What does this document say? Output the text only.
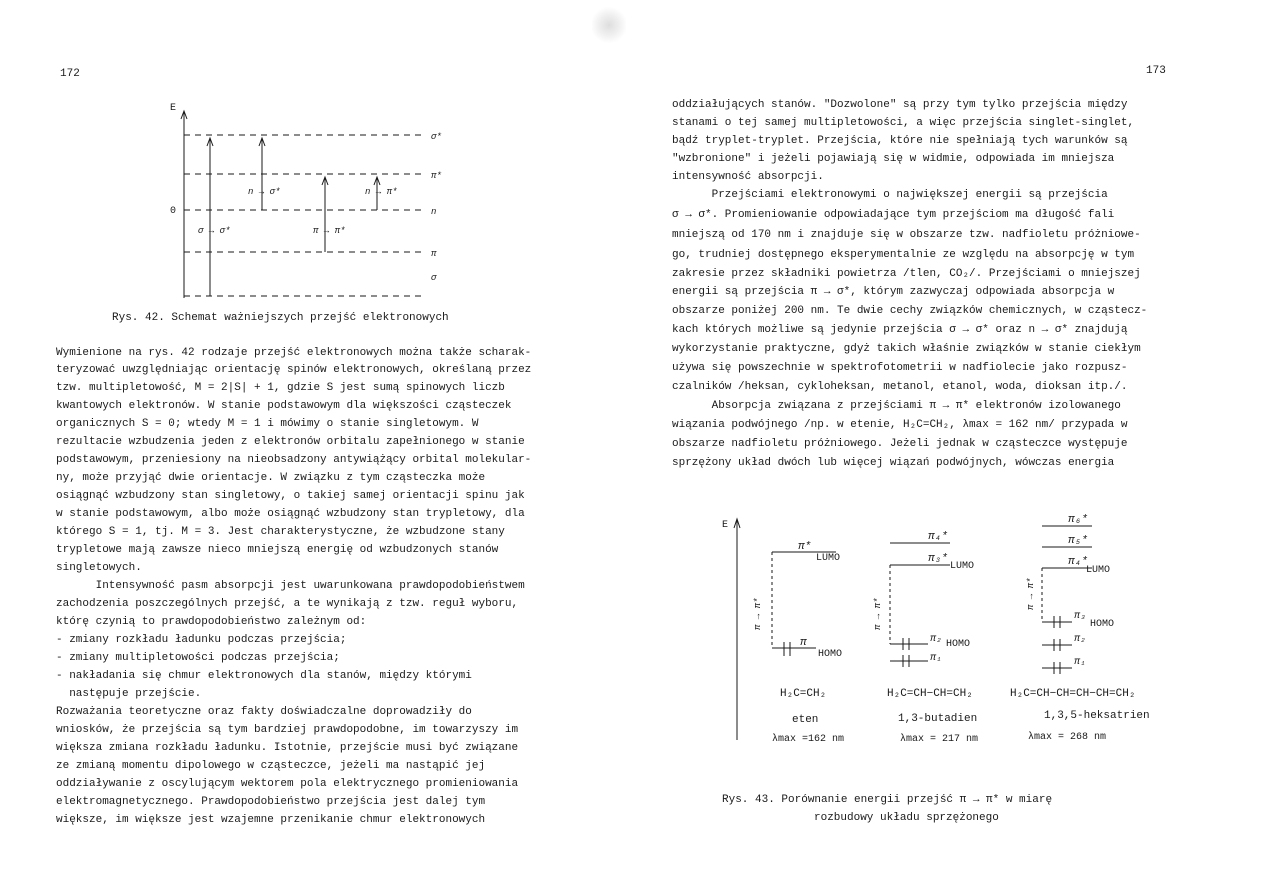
172
E
0
σ*
π*
n
π
σ
n → σ*	n → π*
σ → σ*	π → π*
Rys. 42. Schemat ważniejszych przejść elektronowych
Wymienione na rys. 42 rodzaje przejść elektronowych można także scharak-
teryzować uwzględniając orientację spinów elektronowych, określaną przez
tzw. multipletowość, M = 2|S| + 1, gdzie S jest sumą spinowych liczb
kwantowych elektronów. W stanie podstawowym dla większości cząsteczek
organicznych S = 0; wtedy M = 1 i mówimy o stanie singletowym. W
rezultacie wzbudzenia jeden z elektronów orbitalu zapełnionego w stanie
podstawowym, przeniesiony na nieobsadzony antywiążący orbital molekular-
ny, może przyjąć dwie orientacje. W związku z tym cząsteczka może
osiągnąć wzbudzony stan singletowy, o takiej samej orientacji spinu jak
w stanie podstawowym, albo może osiągnąć wzbudzony stan trypletowy, dla
którego S = 1, tj. M = 3. Jest charakterystyczne, że wzbudzone stany
trypletowe mają zawsze nieco mniejszą energię od wzbudzonych stanów
singletowych.
Intensywność pasm absorpcji jest uwarunkowana prawdopodobieństwem
zachodzenia poszczególnych przejść, a te wynikają z tzw. reguł wyboru,
którę czynią to prawdopodobieństwo zależnym od:
- zmiany rozkładu ładunku podczas przejścia;
- zmiany multipletowości podczas przejścia;
- nakładania się chmur elektronowych dla stanów, między którymi
następuje przejście.
Rozważania teoretyczne oraz fakty doświadczalne doprowadziły do
wniosków, że przejścia są tym bardziej prawdopodobne, im towarzyszy im
większa zmiana rozkładu ładunku. Istotnie, przejście musi być związane
ze zmianą momentu dipolowego w cząsteczce, jeżeli ma nastąpić jej
oddziaływanie z oscylującym wektorem pola elektrycznego promieniowania
elektromagnetycznego. Prawdopodobieństwo przejścia jest dalej tym
większe, im większe jest wzajemne przenikanie chmur elektronowych
173
oddziałujących stanów. "Dozwolone" są przy tym tylko przejścia między
stanami o tej samej multipletowości, a więc przejścia singlet-singlet,
bądź tryplet-tryplet. Przejścia, które nie spełniają tych warunków są
"wzbronione" i jeżeli pojawiają się w widmie, odpowiada im mniejsza
intensywność absorpcji.
Przejściami elektronowymi o największej energii są przejścia
σ → σ*. Promieniowanie odpowiadające tym przejściom ma długość fali
mniejszą od 170 nm i znajduje się w obszarze tzw. nadfioletu próżniowe-
go, trudniej dostępnego eksperymentalnie ze względu na absorpcję w tym
zakresie przez składniki powietrza /tlen, CO₂/. Przejściami o mniejszej
energii są przejścia π → σ*, którym zazwyczaj odpowiada absorpcja w
obszarze poniżej 200 nm. Te dwie cechy związków chemicznych, w cząstecz-
kach których możliwe są jedynie przejścia σ → σ* oraz n → σ* znajdują
wykorzystanie praktyczne, gdyż takich właśnie związków w stanie ciekłym
używa się powszechnie w spektrofotometrii w nadfiolecie jako rozpusz-
czalników /heksan, cykloheksan, metanol, etanol, woda, dioksan itp./.
Absorpcja związana z przejściami π → π* elektronów izolowanego
wiązania podwójnego /np. w etenie, H₂C=CH₂, λmax = 162 nm/ przypada w
obszarze nadfioletu próżniowego. Jeżeli jednak w cząsteczce występuje
sprzężony układ dwóch lub więcej wiązań podwójnych, wówczas energia
E
π*
LUMO
π
HOMO
π → π*
H₂C=CH₂
eten
λmax =162 nm
π₄*
π₃*
LUMO
π₂ HOMO
π₁
π → π*
H₂C=CH−CH=CH₂
1,3-butadien
λmax = 217 nm
π₆*
π₅*
π₄*
LUMO
π₃
HOMO
π₂
π₁
π → π*
H₂C=CH−CH=CH−CH=CH₂
1,3,5-heksatrien
λmax = 268 nm
Rys. 43. Porównanie energii przejść π → π* w miarę
rozbudowy układu sprzężonego
